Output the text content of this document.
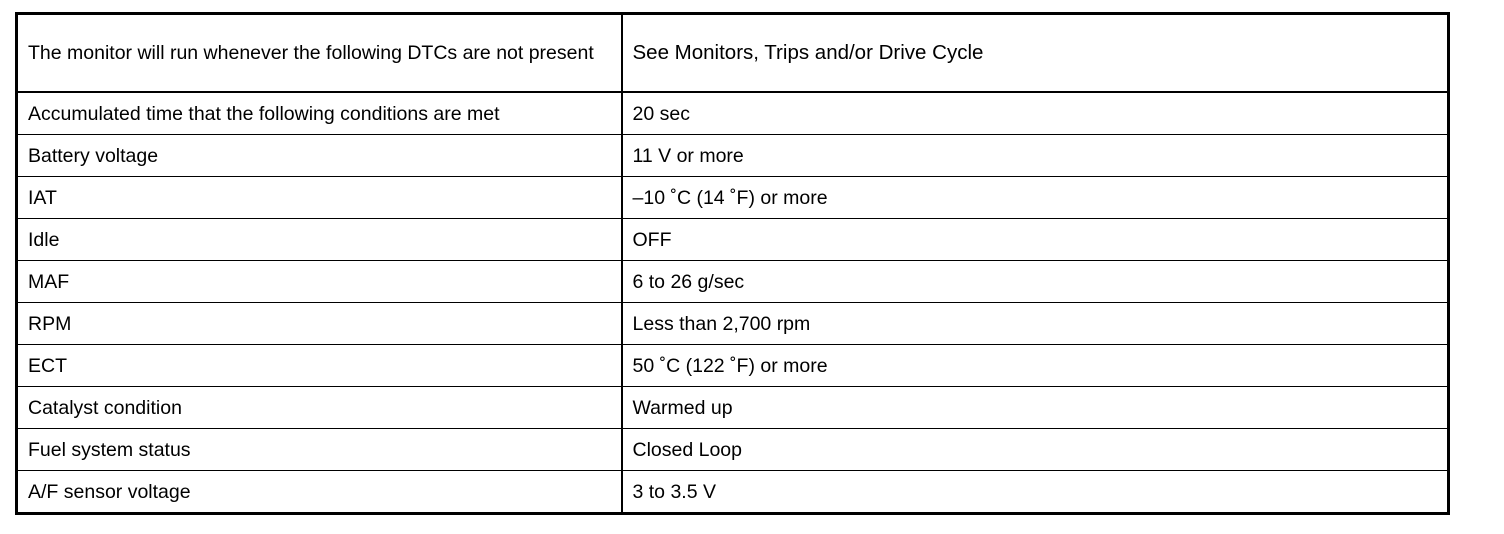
The monitor will run whenever the following DTCs are not present	See Monitors, Trips and/or Drive Cycle
Accumulated time that the following conditions are met	20 sec
Battery voltage	11 V or more
IAT	–10 ˚C (14 ˚F) or more
Idle	OFF
MAF	6 to 26 g/sec
RPM	Less than 2,700 rpm
ECT	50 ˚C (122 ˚F) or more
Catalyst condition	Warmed up
Fuel system status	Closed Loop
A/F sensor voltage	3 to 3.5 V
